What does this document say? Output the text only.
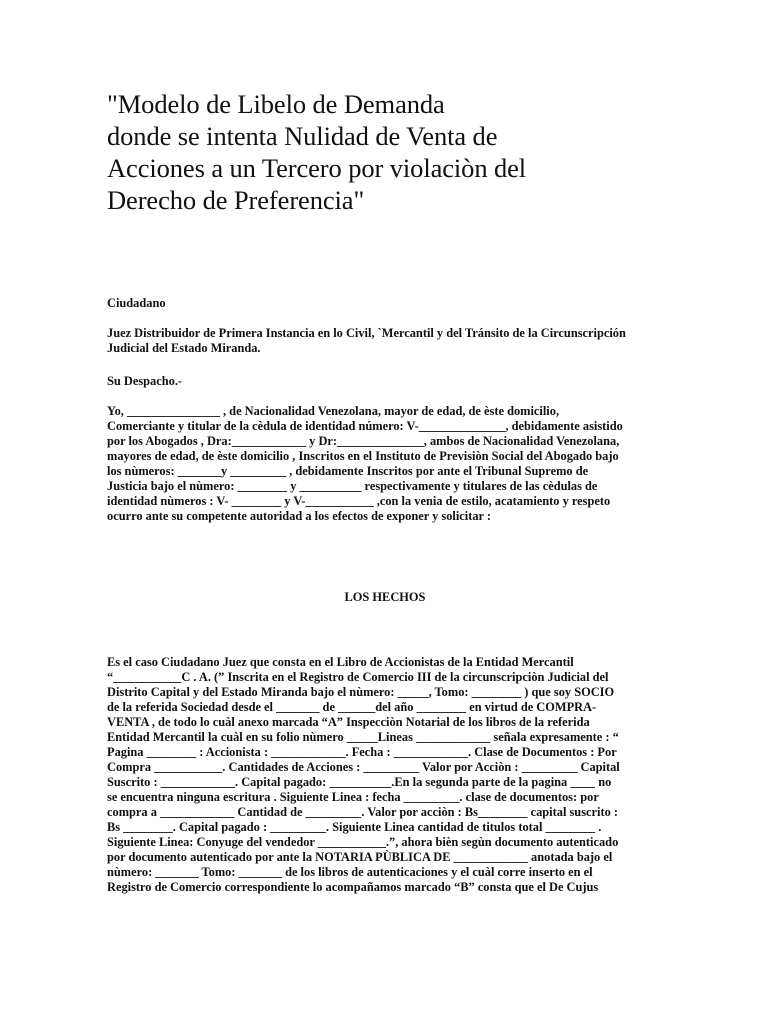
"Modelo de Libelo de Demanda
donde se intenta Nulidad de Venta de
Acciones a un Tercero por violaciòn del
Derecho de Preferencia"

Ciudadano

Juez Distribuidor de Primera Instancia en lo Civil, `Mercantil y del Tránsito de la Circunscripción
Judicial del Estado Miranda.

Su Despacho.-

Yo, _______________ , de Nacionalidad Venezolana, mayor de edad, de èste domicilio,
Comerciante y titular de la cèdula de identidad número: V-______________, debidamente asistido
por los Abogados , Dra:____________ y Dr:______________, ambos de Nacionalidad Venezolana,
mayores de edad, de èste domicilio , Inscritos en el Instituto de Previsiòn Social del Abogado bajo
los nùmeros: _______y _________ , debidamente Inscritos por ante el Tribunal Supremo de
Justicia bajo el nùmero: ________ y __________ respectivamente y titulares de las cèdulas de
identidad nùmeros : V- ________ y V-___________ ,con la venia de estilo, acatamiento y respeto
ocurro ante su competente autoridad a los efectos de exponer y solicitar :

LOS HECHOS

Es el caso Ciudadano Juez que consta en el Libro de Accionistas de la Entidad Mercantil
“___________C . A. (” Inscrita en el Registro de Comercio III de la circunscripciòn Judicial del
Distrito Capital y del Estado Miranda bajo el nùmero: _____, Tomo: ________ ) que soy SOCIO
de la referida Sociedad desde el _______ de ______del año ________ en virtud de COMPRA-
VENTA , de todo lo cuàl anexo marcada “A” Inspecciòn Notarial de los libros de la referida
Entidad Mercantil la cuàl en su folio nùmero _____Lineas ____________ señala expresamente : “
Pagina ________ : Accionista : ____________. Fecha : ____________. Clase de Documentos : Por
Compra ___________. Cantidades de Acciones : _________ Valor por Acciòn : _________ Capital
Suscrito : ____________. Capital pagado: __________.En la segunda parte de la pagina ____ no
se encuentra ninguna escritura . Siguiente Linea : fecha _________. clase de documentos: por
compra a ____________ Cantidad de _________. Valor por acciòn : Bs________ capital suscrito :
Bs ________. Capital pagado : _________. Siguiente Linea cantidad de titulos total ________ .
Siguiente Linea: Conyuge del vendedor ___________.”, ahora bièn segùn documento autenticado
por documento autenticado por ante la NOTARIA PÙBLICA DE ____________ anotada bajo el
nùmero: _______ Tomo: _______ de los libros de autenticaciones y el cuàl corre inserto en el
Registro de Comercio correspondiente lo acompañamos marcado “B” consta que el De Cujus
